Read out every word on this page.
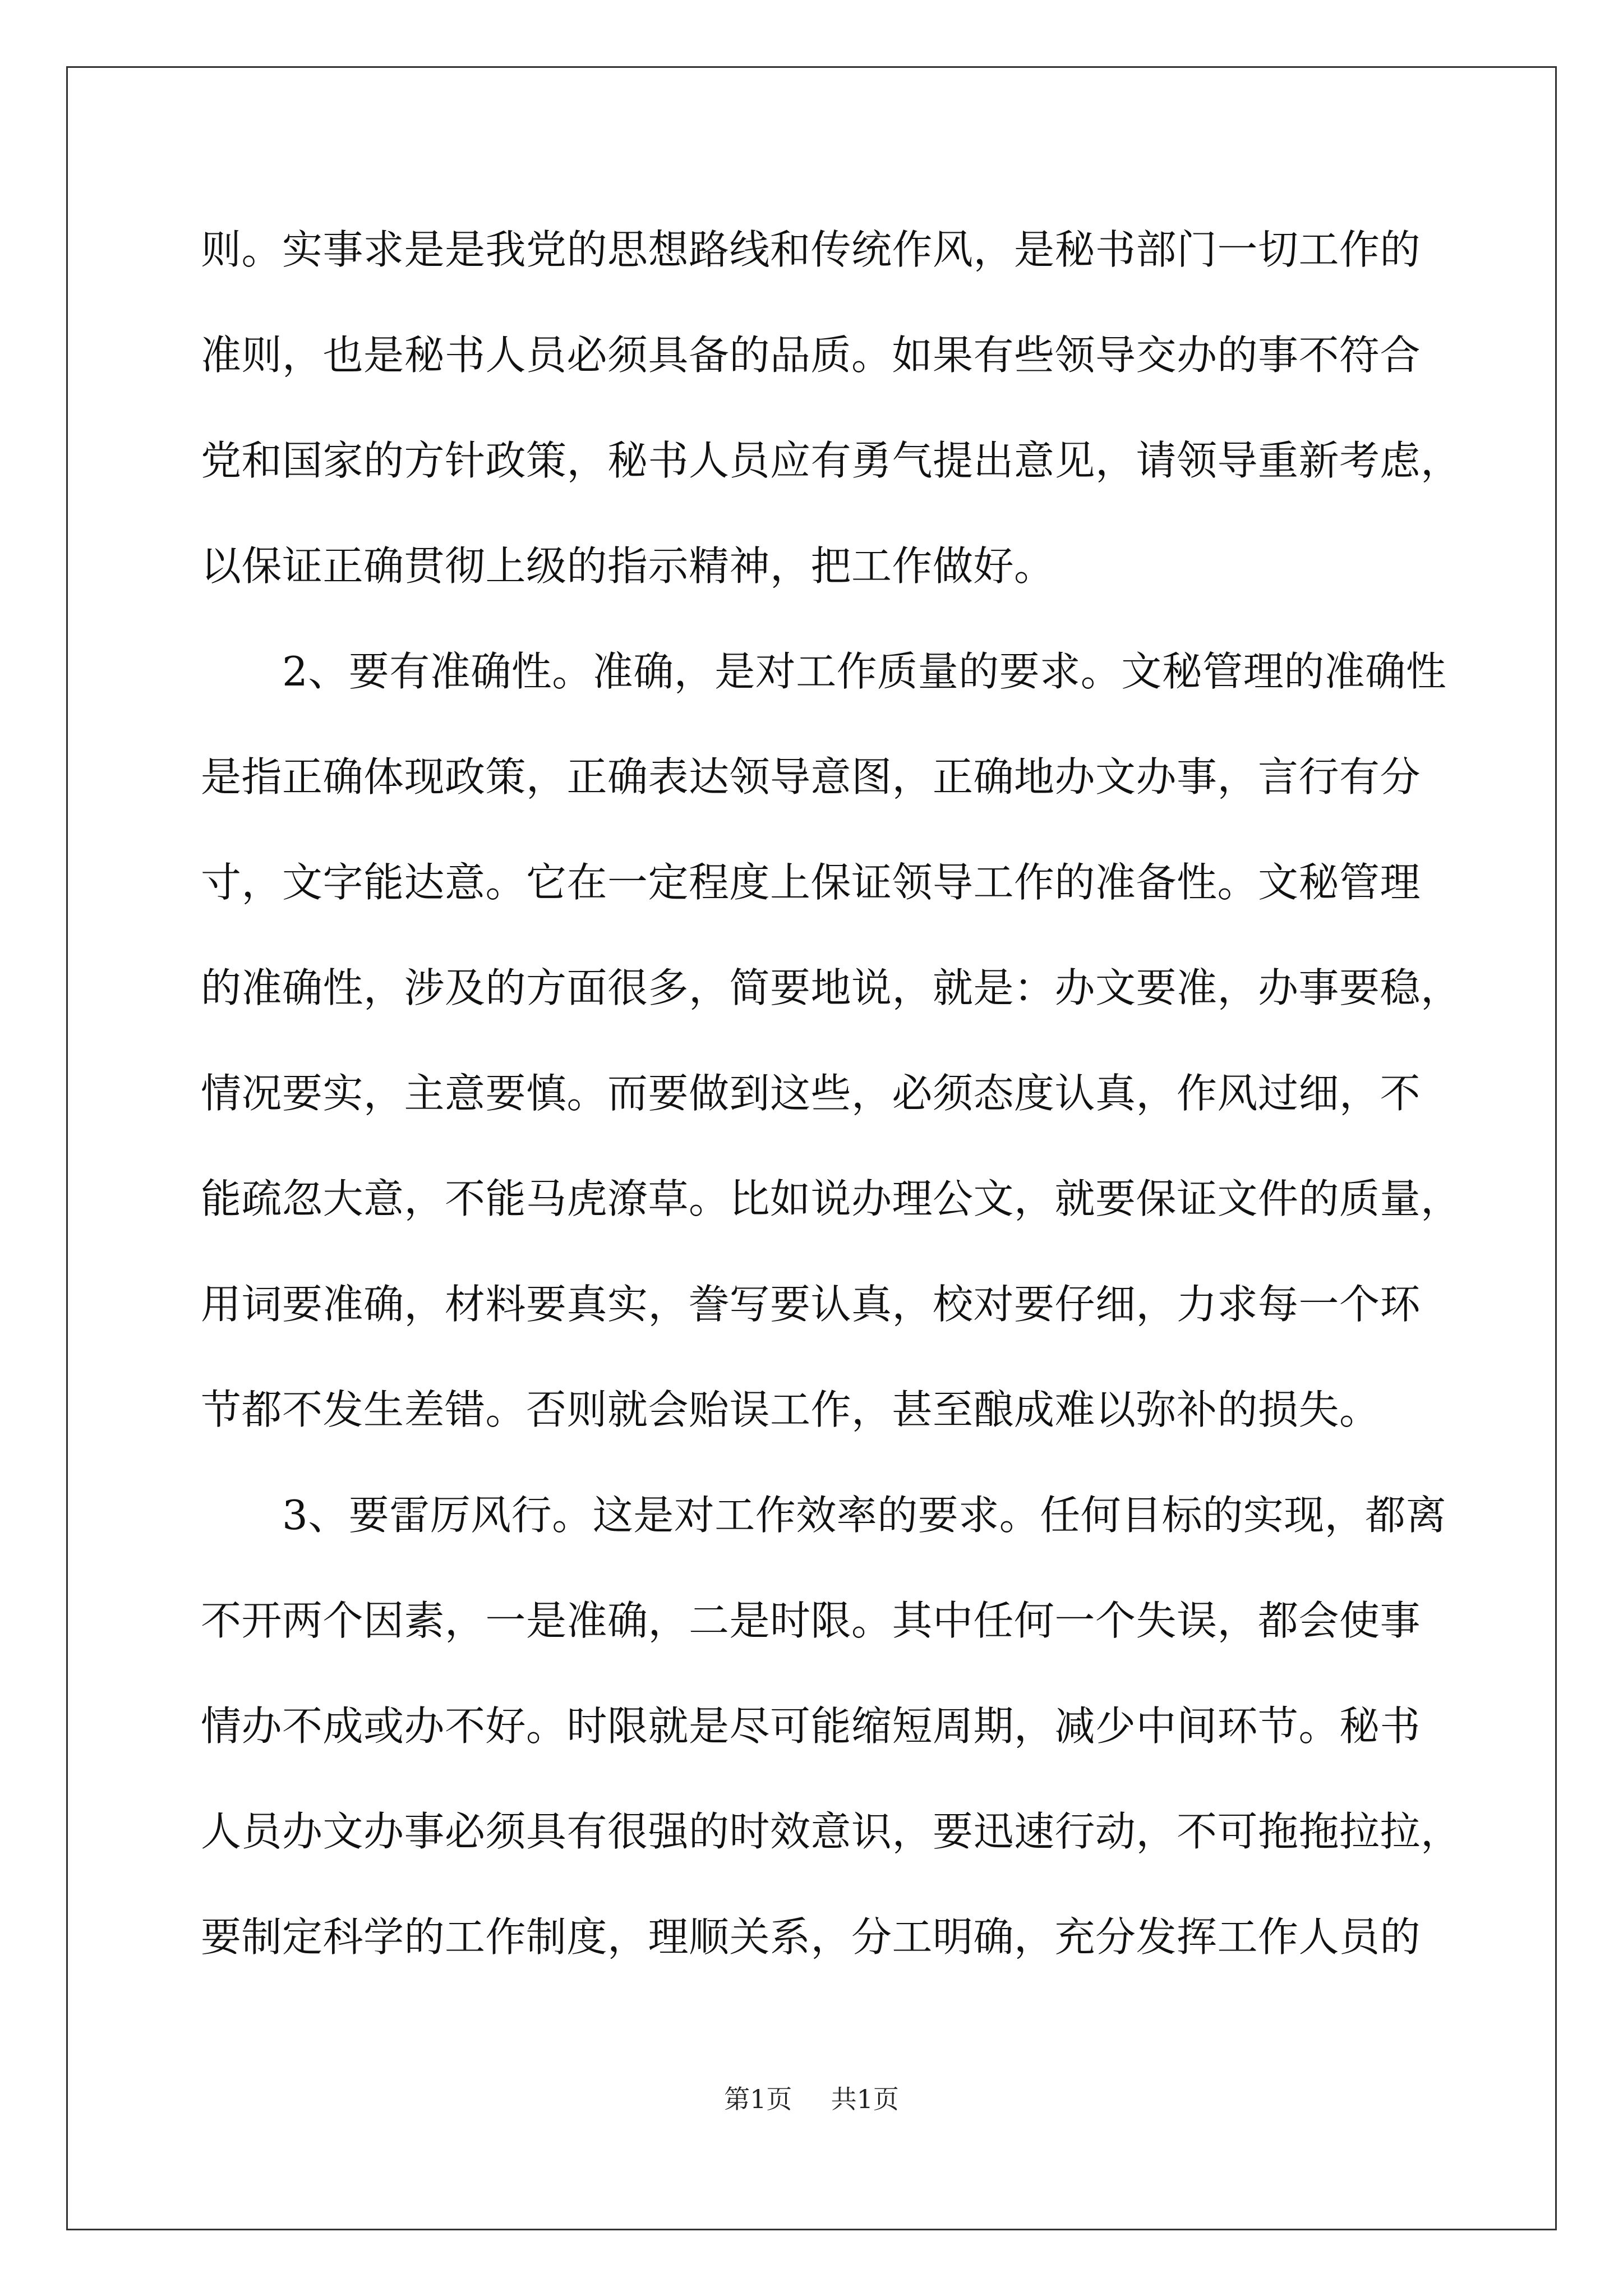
则。实事求是是我党的思想路线和传统作风，是秘书部门一切工作的
准则，也是秘书人员必须具备的品质。如果有些领导交办的事不符合
党和国家的方针政策，秘书人员应有勇气提出意见，请领导重新考虑，
以保证正确贯彻上级的指示精神，把工作做好。
　　2、要有准确性。准确，是对工作质量的要求。文秘管理的准确性
是指正确体现政策，正确表达领导意图，正确地办文办事，言行有分
寸，文字能达意。它在一定程度上保证领导工作的准备性。文秘管理
的准确性，涉及的方面很多，简要地说，就是：办文要准，办事要稳，
情况要实，主意要慎。而要做到这些，必须态度认真，作风过细，不
能疏忽大意，不能马虎潦草。比如说办理公文，就要保证文件的质量，
用词要准确，材料要真实，誊写要认真，校对要仔细，力求每一个环
节都不发生差错。否则就会贻误工作，甚至酿成难以弥补的损失。
　　3、要雷厉风行。这是对工作效率的要求。任何目标的实现，都离
不开两个因素，一是准确，二是时限。其中任何一个失误，都会使事
情办不成或办不好。时限就是尽可能缩短周期，减少中间环节。秘书
人员办文办事必须具有很强的时效意识，要迅速行动，不可拖拖拉拉，
要制定科学的工作制度，理顺关系，分工明确，充分发挥工作人员的
第1页 共1页
